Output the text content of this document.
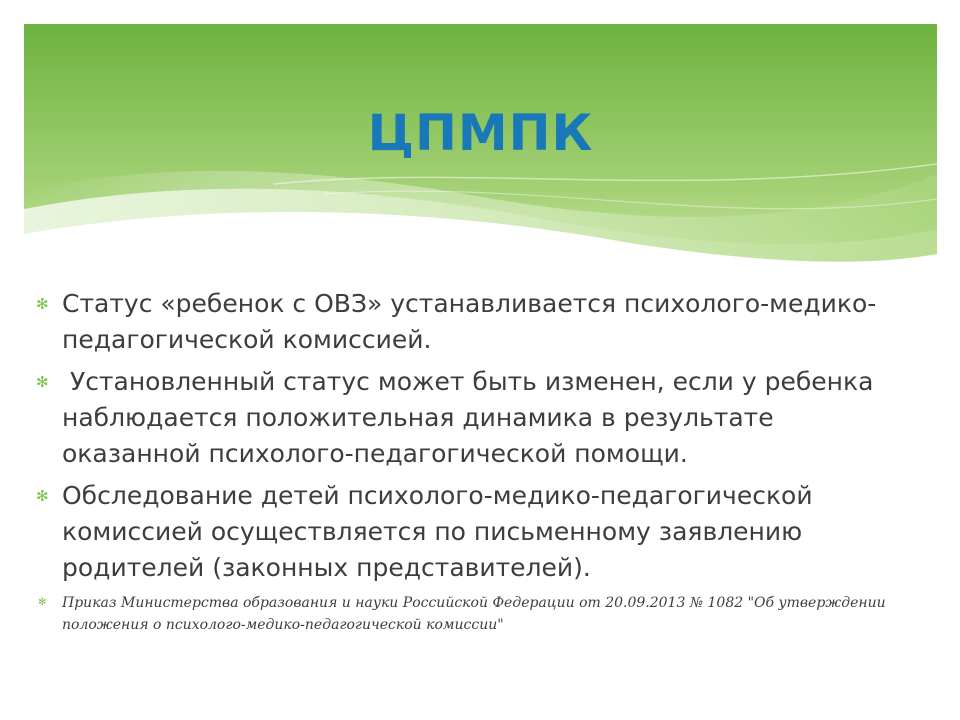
ЦПМПК
✻ Статус «ребенок с ОВЗ» устанавливается психолого-медико-педагогической комиссией.
✻ Установленный статус может быть изменен, если у ребенка наблюдается положительная динамика в результате оказанной психолого-педагогической помощи.
✻ Обследование детей психолого-медико-педагогической комиссией осуществляется по письменному заявлению родителей (законных представителей).
✻ Приказ Министерства образования и науки Российской Федерации от 20.09.2013 № 1082 "Об утверждении положения о психолого-медико-педагогической комиссии"
